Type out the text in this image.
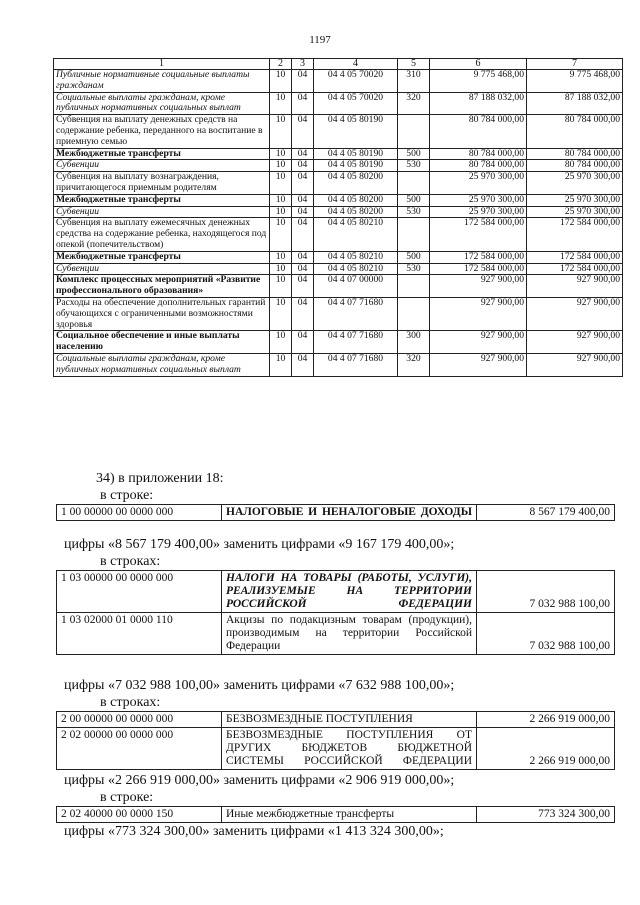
1197
1	2	3	4	5	6	7
Публичные нормативные социальные выплаты гражданам	10	04	04 4 05 70020	310	9 775 468,00	9 775 468,00
Социальные выплаты гражданам, кроме публичных нормативных социальных выплат	10	04	04 4 05 70020	320	87 188 032,00	87 188 032,00
Субвенция на выплату денежных средств на содержание ребенка, переданного на воспитание в приемную семью	10	04	04 4 05 80190		80 784 000,00	80 784 000,00
Межбюджетные трансферты	10	04	04 4 05 80190	500	80 784 000,00	80 784 000,00
Субвенции	10	04	04 4 05 80190	530	80 784 000,00	80 784 000,00
Субвенция на выплату вознаграждения, причитающегося приемным родителям	10	04	04 4 05 80200		25 970 300,00	25 970 300,00
Межбюджетные трансферты	10	04	04 4 05 80200	500	25 970 300,00	25 970 300,00
Субвенции	10	04	04 4 05 80200	530	25 970 300,00	25 970 300,00
Субвенция на выплату ежемесячных денежных средства на содержание ребенка, находящегося под опекой (попечительством)	10	04	04 4 05 80210		172 584 000,00	172 584 000,00
Межбюджетные трансферты	10	04	04 4 05 80210	500	172 584 000,00	172 584 000,00
Субвенции	10	04	04 4 05 80210	530	172 584 000,00	172 584 000,00
Комплекс процессных мероприятий «Развитие профессионального образования»	10	04	04 4 07 00000		927 900,00	927 900,00
Расходы на обеспечение дополнительных гарантий обучающихся с ограниченными возможностями здоровья	10	04	04 4 07 71680		927 900,00	927 900,00
Социальное обеспечение и иные выплаты населению	10	04	04 4 07 71680	300	927 900,00	927 900,00
Социальные выплаты гражданам, кроме публичных нормативных социальных выплат	10	04	04 4 07 71680	320	927 900,00	927 900,00
34) в приложении 18:
в строке:
1 00 00000 00 0000 000	НАЛОГОВЫЕ И НЕНАЛОГОВЫЕ ДОХОДЫ	8 567 179 400,00
цифры «8 567 179 400,00» заменить цифрами «9 167 179 400,00»;
в строках:
1 03 00000 00 0000 000	НАЛОГИ НА ТОВАРЫ (РАБОТЫ, УСЛУГИ), РЕАЛИЗУЕМЫЕ НА ТЕРРИТОРИИ РОССИЙСКОЙ ФЕДЕРАЦИИ	7 032 988 100,00
1 03 02000 01 0000 110	Акцизы по подакцизным товарам (продукции), производимым на территории Российской Федерации	7 032 988 100,00
цифры «7 032 988 100,00» заменить цифрами «7 632 988 100,00»;
в строках:
2 00 00000 00 0000 000	БЕЗВОЗМЕЗДНЫЕ ПОСТУПЛЕНИЯ	2 266 919 000,00
2 02 00000 00 0000 000	БЕЗВОЗМЕЗДНЫЕ ПОСТУПЛЕНИЯ ОТ ДРУГИХ БЮДЖЕТОВ БЮДЖЕТНОЙ СИСТЕМЫ РОССИЙСКОЙ ФЕДЕРАЦИИ	2 266 919 000,00
цифры «2 266 919 000,00» заменить цифрами «2 906 919 000,00»;
в строке:
2 02 40000 00 0000 150	Иные межбюджетные трансферты	773 324 300,00
цифры «773 324 300,00» заменить цифрами «1 413 324 300,00»;
